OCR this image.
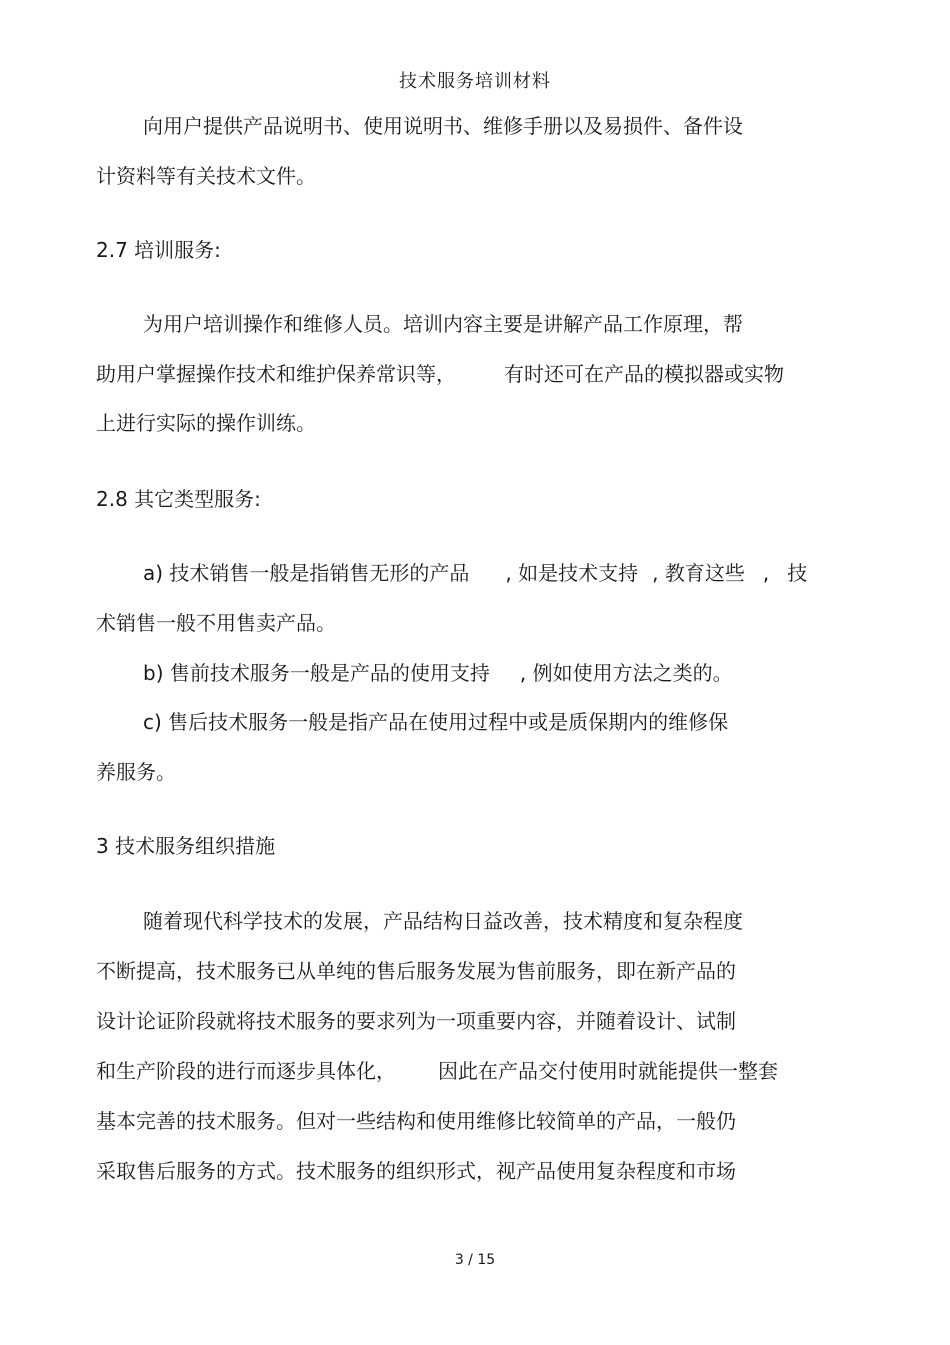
技术服务培训材料
向用户提供产品说明书、使用说明书、维修手册以及易损件、备件设
计资料等有关技术文件。
2.7 培训服务:
为用户培训操作和维修人员。培训内容主要是讲解产品工作原理，帮
助用户掌握操作技术和维护保养常识等， 有时还可在产品的模拟器或实物
上进行实际的操作训练。
2.8 其它类型服务:
a) 技术销售一般是指销售无形的产品 , 如是技术支持 , 教育这些 , 技
术销售一般不用售卖产品。
b) 售前技术服务一般是产品的使用支持 , 例如使用方法之类的。
c) 售后技术服务一般是指产品在使用过程中或是质保期内的维修保
养服务。
3 技术服务组织措施
随着现代科学技术的发展，产品结构日益改善，技术精度和复杂程度
不断提高，技术服务已从单纯的售后服务发展为售前服务，即在新产品的
设计论证阶段就将技术服务的要求列为一项重要内容，并随着设计、试制
和生产阶段的进行而逐步具体化， 因此在产品交付使用时就能提供一整套
基本完善的技术服务。但对一些结构和使用维修比较简单的产品，一般仍
采取售后服务的方式。技术服务的组织形式，视产品使用复杂程度和市场
3 / 15
